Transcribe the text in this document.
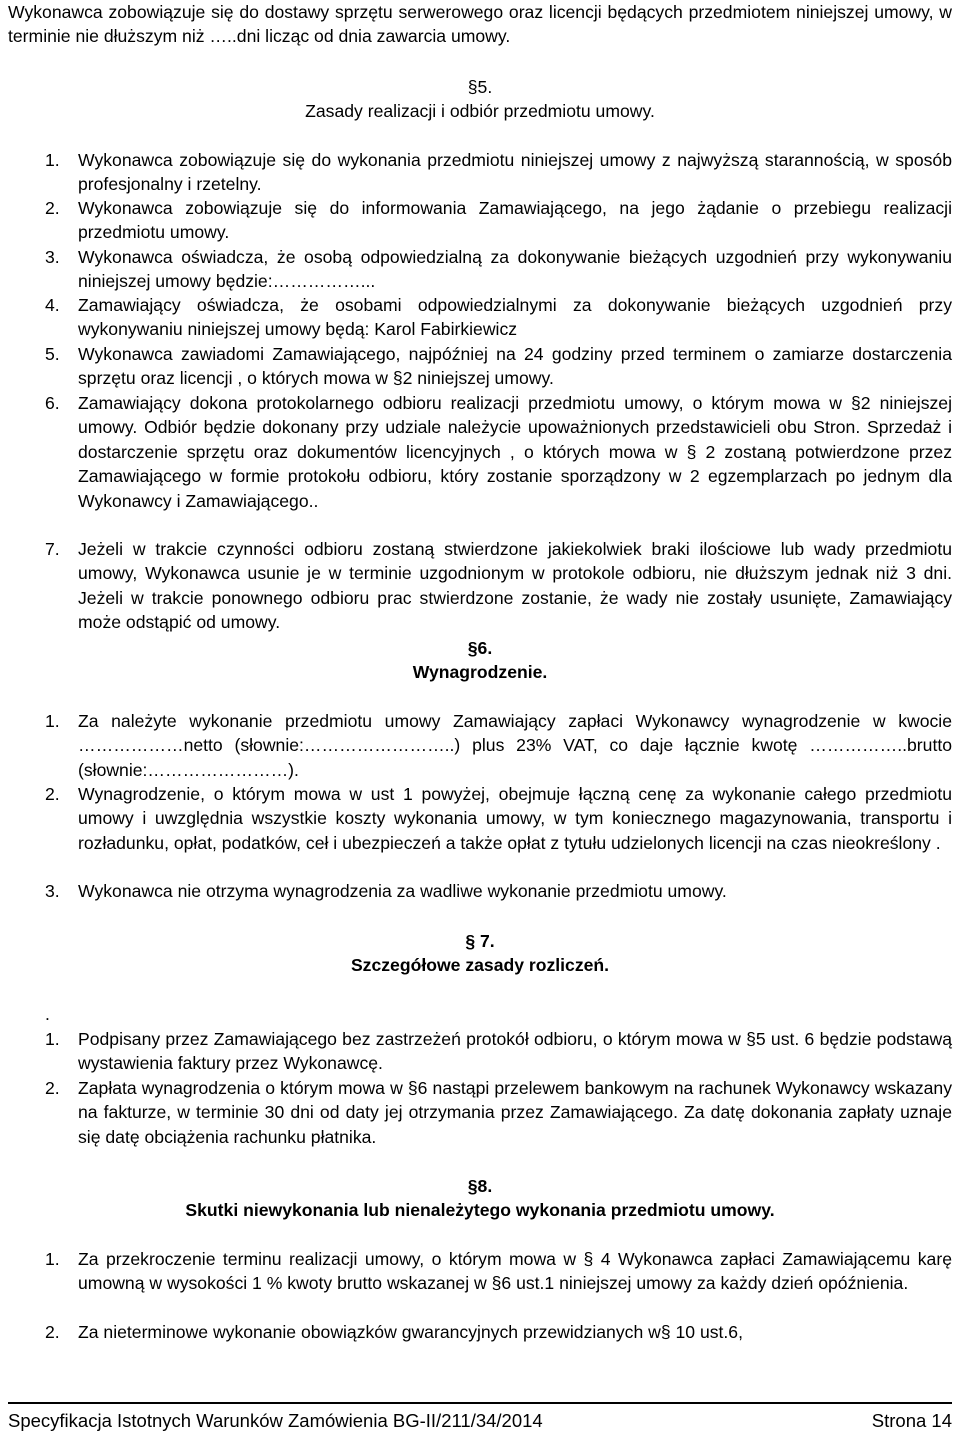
Wykonawca zobowiązuje się do dostawy sprzętu serwerowego oraz licencji będących przedmiotem niniejszej umowy, w terminie nie dłuższym niż …..dni licząc od dnia zawarcia umowy.
§5.
Zasady realizacji i odbiór przedmiotu umowy.
1. Wykonawca zobowiązuje się do wykonania przedmiotu niniejszej umowy z najwyższą starannością, w sposób profesjonalny i rzetelny.
2. Wykonawca zobowiązuje się do informowania Zamawiającego, na jego żądanie o przebiegu realizacji przedmiotu umowy.
3. Wykonawca oświadcza, że osobą odpowiedzialną za dokonywanie bieżących uzgodnień przy wykonywaniu niniejszej umowy będzie:……………...
4. Zamawiający oświadcza, że osobami odpowiedzialnymi za dokonywanie bieżących uzgodnień przy wykonywaniu niniejszej umowy będą: Karol Fabirkiewicz
5. Wykonawca zawiadomi Zamawiającego, najpóźniej na 24 godziny przed terminem o zamiarze dostarczenia sprzętu oraz licencji , o których mowa w §2 niniejszej umowy.
6. Zamawiający dokona protokolarnego odbioru realizacji przedmiotu umowy, o którym mowa w §2 niniejszej umowy. Odbiór będzie dokonany przy udziale należycie upoważnionych przedstawicieli obu Stron. Sprzedaż i dostarczenie sprzętu oraz dokumentów licencyjnych , o których mowa w § 2 zostaną potwierdzone przez Zamawiającego w formie protokołu odbioru, który zostanie sporządzony w 2 egzemplarzach po jednym dla Wykonawcy i Zamawiającego..
7. Jeżeli w trakcie czynności odbioru zostaną stwierdzone jakiekolwiek braki ilościowe lub wady przedmiotu umowy, Wykonawca usunie je w terminie uzgodnionym w protokole odbioru, nie dłuższym jednak niż 3 dni. Jeżeli w trakcie ponownego odbioru prac stwierdzone zostanie, że wady nie zostały usunięte, Zamawiający może odstąpić od umowy.
§6.
Wynagrodzenie.
1. Za należyte wykonanie przedmiotu umowy Zamawiający zapłaci Wykonawcy wynagrodzenie w kwocie ………………netto (słownie:……………………..) plus 23% VAT, co daje łącznie kwotę ……………..brutto (słownie:……………………).
2. Wynagrodzenie, o którym mowa w ust 1 powyżej, obejmuje łączną cenę za wykonanie całego przedmiotu umowy i uwzględnia wszystkie koszty wykonania umowy, w tym koniecznego magazynowania, transportu i rozładunku, opłat, podatków, ceł i ubezpieczeń a także opłat z tytułu udzielonych licencji na czas nieokreślony .
3. Wykonawca nie otrzyma wynagrodzenia za wadliwe wykonanie przedmiotu umowy.
§ 7.
Szczegółowe zasady rozliczeń.
.
1. Podpisany przez Zamawiającego bez zastrzeżeń protokół odbioru, o którym mowa w §5 ust. 6 będzie podstawą wystawienia faktury przez Wykonawcę.
2. Zapłata wynagrodzenia o którym mowa w §6 nastąpi przelewem bankowym na rachunek Wykonawcy wskazany na fakturze, w terminie 30 dni od daty jej otrzymania przez Zamawiającego. Za datę dokonania zapłaty uznaje się datę obciążenia rachunku płatnika.
§8.
Skutki niewykonania lub nienależytego wykonania przedmiotu umowy.
1. Za przekroczenie terminu realizacji umowy, o którym mowa w § 4 Wykonawca zapłaci Zamawiającemu karę umowną w wysokości 1 % kwoty brutto wskazanej w §6 ust.1 niniejszej umowy za każdy dzień opóźnienia.
2. Za nieterminowe wykonanie obowiązków gwarancyjnych przewidzianych w§ 10 ust.6,
Specyfikacja Istotnych Warunków Zamówienia BG-II/211/34/2014	Strona 14
